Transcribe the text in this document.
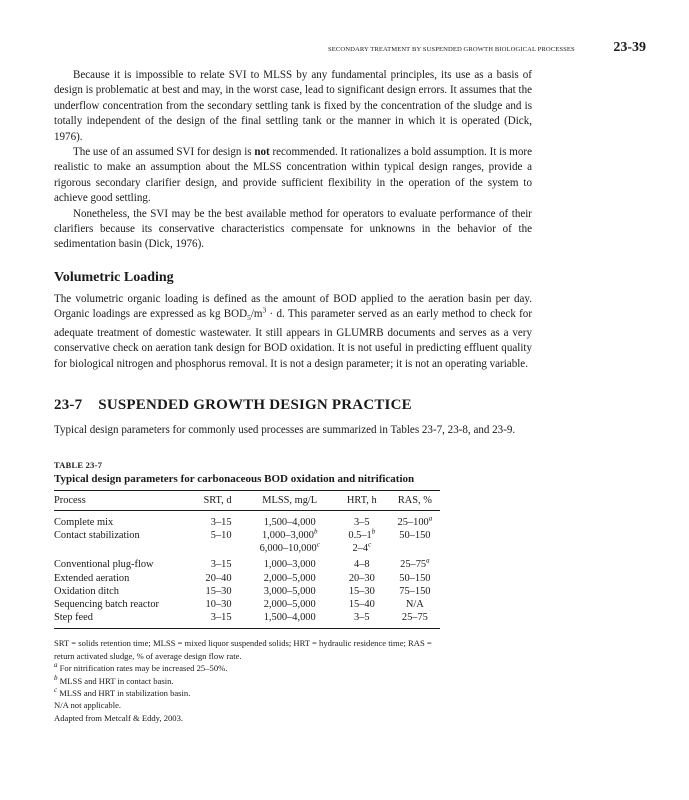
SECONDARY TREATMENT BY SUSPENDED GROWTH BIOLOGICAL PROCESSES	23-39

Because it is impossible to relate SVI to MLSS by any fundamental principles, its use as a basis of design is problematic at best and may, in the worst case, lead to significant design errors. It assumes that the underflow concentration from the secondary settling tank is fixed by the concentration of the sludge and is totally independent of the design of the final settling tank or the manner in which it is operated (Dick, 1976).

The use of an assumed SVI for design is not recommended. It rationalizes a bold assumption. It is more realistic to make an assumption about the MLSS concentration within typical design ranges, provide a rigorous secondary clarifier design, and provide sufficient flexibility in the operation of the system to achieve good settling.

Nonetheless, the SVI may be the best available method for operators to evaluate performance of their clarifiers because its conservative characteristics compensate for unknowns in the behavior of the sedimentation basin (Dick, 1976).

Volumetric Loading

The volumetric organic loading is defined as the amount of BOD applied to the aeration basin per day. Organic loadings are expressed as kg $BOD_5/m^3 \cdot d$. This parameter served as an early method to check for adequate treatment of domestic wastewater. It still appears in GLUMRB documents and serves as a very conservative check on aeration tank design for BOD oxidation. It is not useful in predicting effluent quality for biological nitrogen and phosphorus removal. It is not a design parameter; it is not an operating variable.

23-7 SUSPENDED GROWTH DESIGN PRACTICE

Typical design parameters for commonly used processes are summarized in Tables 23-7, 23-8, and 23-9.

TABLE 23-7
Typical design parameters for carbonaceous BOD oxidation and nitrification
Process	SRT, d	MLSS, mg/L	HRT, h	RAS, %
Complete mix	3–15	1,500–4,000	3–5	25–100$^a$
Contact stabilization	5–10	1,000–3,000$^b$	0.5–1$^b$	50–150
		6,000–10,000$^c$	2–4$^c$	
Conventional plug-flow	3–15	1,000–3,000	4–8	25–75$^a$
Extended aeration	20–40	2,000–5,000	20–30	50–150
Oxidation ditch	15–30	3,000–5,000	15–30	75–150
Sequencing batch reactor	10–30	2,000–5,000	15–40	N/A
Step feed	3–15	1,500–4,000	3–5	25–75
SRT = solids retention time; MLSS = mixed liquor suspended solids; HRT = hydraulic residence time; RAS = return activated sludge, % of average design flow rate.
$^a$ For nitrification rates may be increased 25–50%.
$^b$ MLSS and HRT in contact basin.
$^c$ MLSS and HRT in stabilization basin.
N/A not applicable.
Adapted from Metcalf & Eddy, 2003.
